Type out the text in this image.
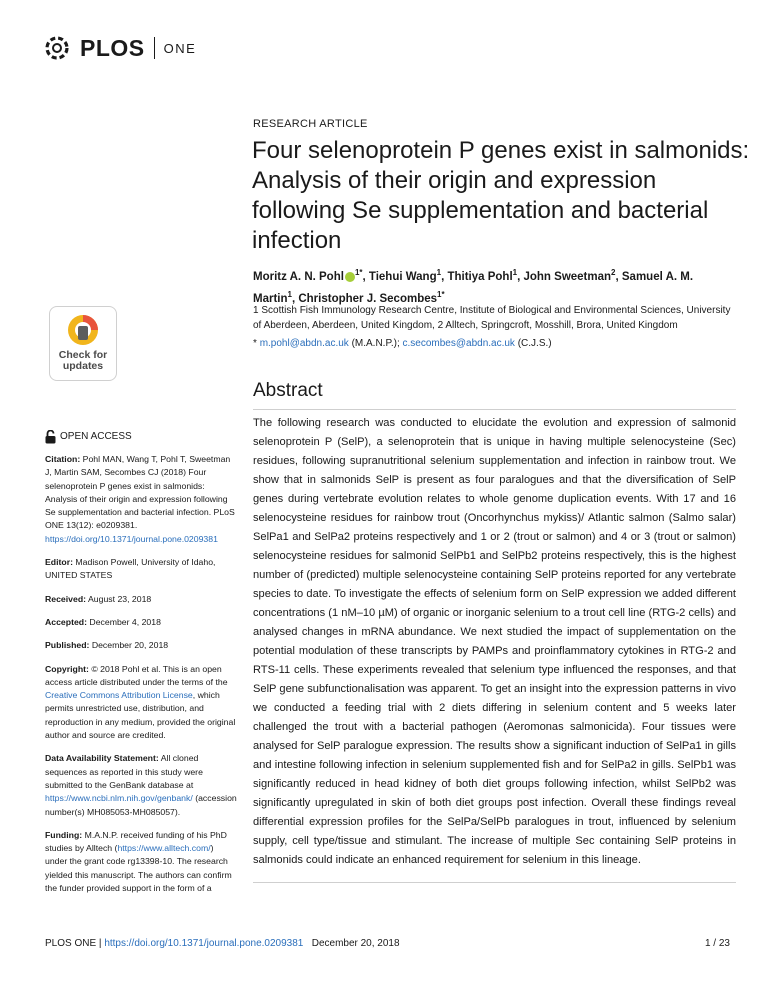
PLOS ONE
RESEARCH ARTICLE
Four selenoprotein P genes exist in salmonids: Analysis of their origin and expression following Se supplementation and bacterial infection
Moritz A. N. Pohl $^{1*}$, Tiehui Wang$^1$, Thitiya Pohl$^1$, John Sweetman$^2$, Samuel A. M. Martin$^1$, Christopher J. Secombes$^{1*}$
1 Scottish Fish Immunology Research Centre, Institute of Biological and Environmental Sciences, University of Aberdeen, Aberdeen, United Kingdom, 2 Alltech, Springcroft, Mosshill, Brora, United Kingdom
* m.pohl@abdn.ac.uk (M.A.N.P.); c.secombes@abdn.ac.uk (C.J.S.)
Check for updates
Abstract
The following research was conducted to elucidate the evolution and expression of salmonid selenoprotein P (SelP), a selenoprotein that is unique in having multiple selenocysteine (Sec) residues, following supranutritional selenium supplementation and infection in rainbow trout. We show that in salmonids SelP is present as four paralogues and that the diversification of SelP genes during vertebrate evolution relates to whole genome duplication events. With 17 and 16 selenocysteine residues for rainbow trout (Oncorhynchus mykiss)/ Atlantic salmon (Salmo salar) SelPa1 and SelPa2 proteins respectively and 1 or 2 (trout or salmon) and 4 or 3 (trout or salmon) selenocysteine residues for salmonid SelPb1 and SelPb2 proteins respectively, this is the highest number of (predicted) multiple selenocysteine containing SelP proteins reported for any vertebrate species to date. To investigate the effects of selenium form on SelP expression we added different concentrations (1 nM–10 µM) of organic or inorganic selenium to a trout cell line (RTG-2 cells) and analysed changes in mRNA abundance. We next studied the impact of supplementation on the potential modulation of these transcripts by PAMPs and proinflammatory cytokines in RTG-2 and RTS-11 cells. These experiments revealed that selenium type influenced the responses, and that SelP gene subfunctionalisation was apparent. To get an insight into the expression patterns in vivo we conducted a feeding trial with 2 diets differing in selenium content and 5 weeks later challenged the trout with a bacterial pathogen (Aeromonas salmonicida). Four tissues were analysed for SelP paralogue expression. The results show a significant induction of SelPa1 in gills and intestine following infection in selenium supplemented fish and for SelPa2 in gills. SelPb1 was significantly reduced in head kidney of both diet groups following infection, whilst SelPb2 was significantly upregulated in skin of both diet groups post infection. Overall these findings reveal differential expression profiles for the SelPa/SelPb paralogues in trout, influenced by selenium supply, cell type/tissue and stimulant. The increase of multiple Sec containing SelP proteins in salmonids could indicate an enhanced requirement for selenium in this lineage.
OPEN ACCESS
Citation: Pohl MAN, Wang T, Pohl T, Sweetman J, Martin SAM, Secombes CJ (2018) Four selenoprotein P genes exist in salmonids: Analysis of their origin and expression following Se supplementation and bacterial infection. PLoS ONE 13(12): e0209381. https://doi.org/10.1371/journal.pone.0209381
Editor: Madison Powell, University of Idaho, UNITED STATES
Received: August 23, 2018
Accepted: December 4, 2018
Published: December 20, 2018
Copyright: © 2018 Pohl et al. This is an open access article distributed under the terms of the Creative Commons Attribution License, which permits unrestricted use, distribution, and reproduction in any medium, provided the original author and source are credited.
Data Availability Statement: All cloned sequences as reported in this study were submitted to the GenBank database at https://www.ncbi.nlm.nih.gov/genbank/ (accession number(s) MH085053-MH085057).
Funding: M.A.N.P. received funding of his PhD studies by Alltech (https://www.alltech.com/) under the grant code rg13398-10. The research yielded this manuscript. The authors can confirm the funder provided support in the form of a
PLOS ONE
|
https://doi.org/10.1371/journal.pone.0209381
December 20, 2018	1 / 23
